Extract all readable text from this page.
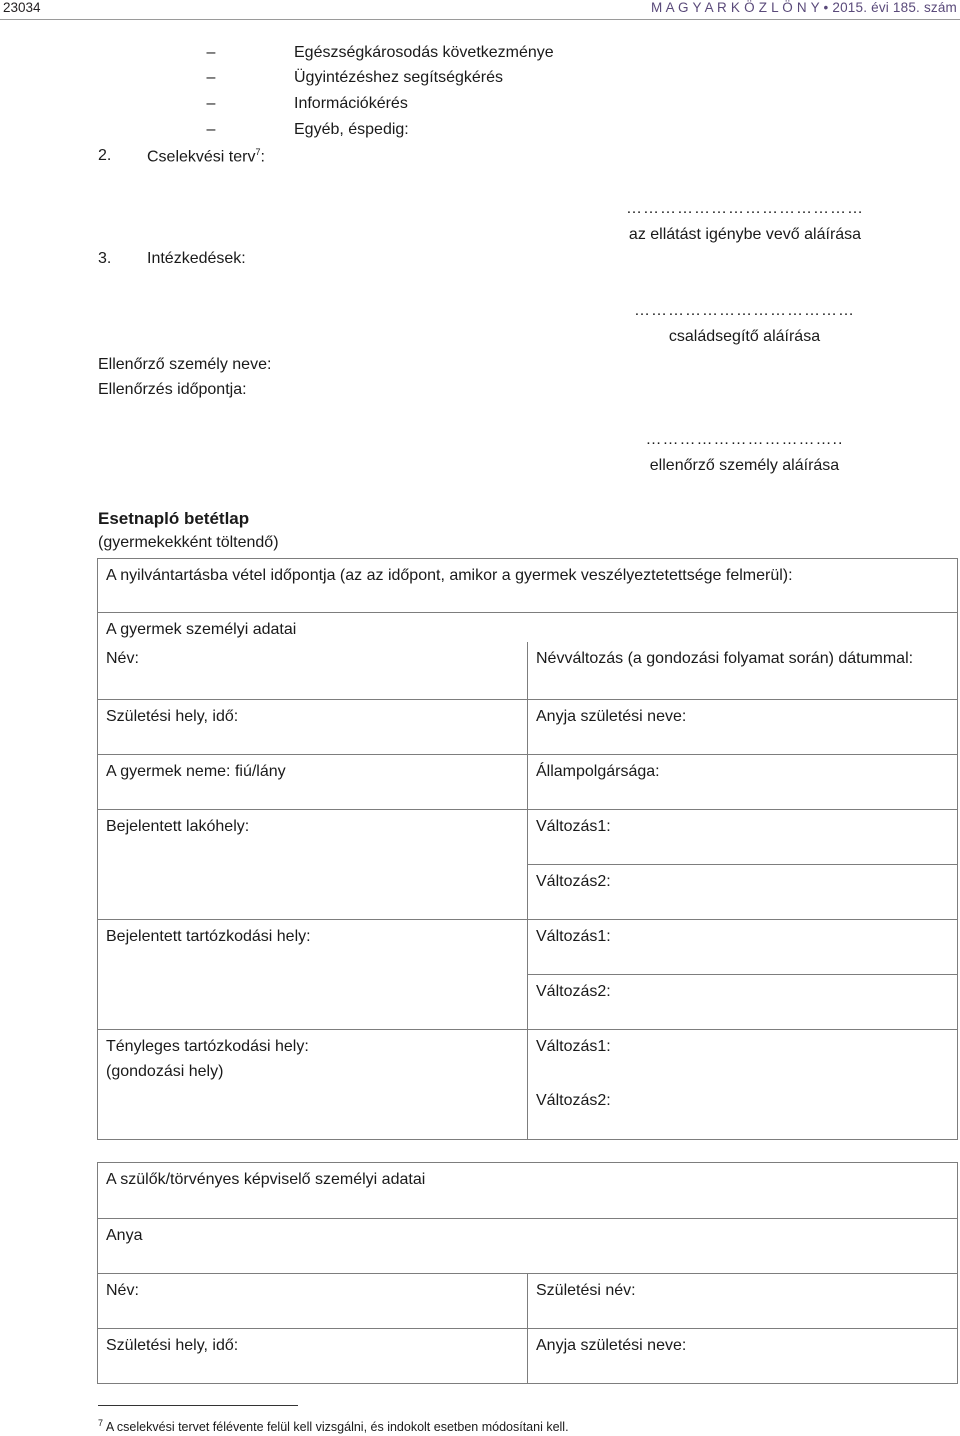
23034	M A G Y A R K Ö Z L Ö N Y • 2015. évi 185. szám
–	Egészségkárosodás következménye
–	Ügyintézéshez segítségkérés
–	Információkérés
–	Egyéb, éspedig:
2. Cselekvési terv$^7$:
3. Intézkedések:
……………………………………
az ellátást igénybe vevő aláírása
…………………………………
családsegítő aláírása
……………………………..
ellenőrző személy aláírása
Ellenőrző személy neve:
Ellenőrzés időpontja:
Esetnapló betétlap
(gyermekekként töltendő)
A nyilvántartásba vétel időpontja (az az időpont, amikor a gyermek veszélyeztetettsége felmerül):	
A gyermek személyi adatai	
Név:	Névváltozás (a gondozási folyamat során) dátummal:
Születési hely, idő:	Anyja születési neve:
A gyermek neme: fiú/lány	Állampolgársága:
Bejelentett lakóhely:	Változás1:
	Változás2:
Bejelentett tartózkodási hely:	Változás1:
	Változás2:

Tényleges tartózkodási hely:
(gondozási hely)	Változás1:
	Változás2:
A szülők/törvényes képviselő személyi adatai	
Anya	
Név:	Születési név:
Születési hely, idő:	Anyja születési neve:
$^7$ A cselekvési tervet félévente felül kell vizsgálni, és indokolt esetben módosítani kell.
